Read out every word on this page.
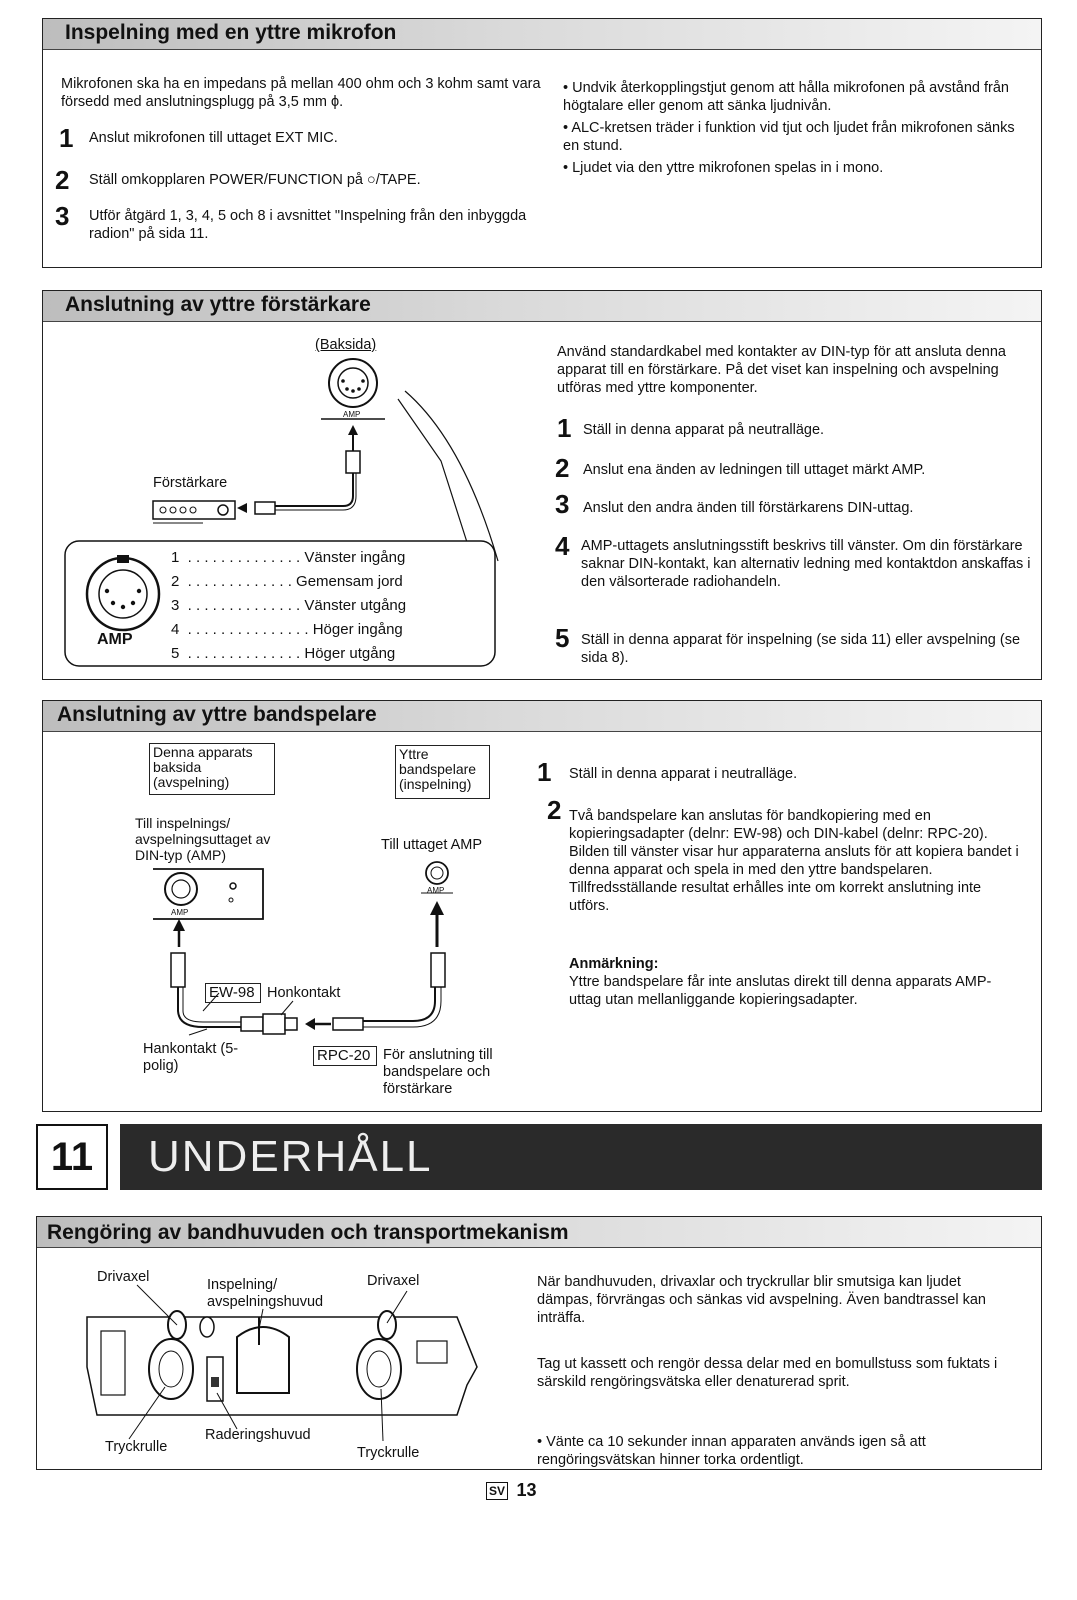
Inspelning med en yttre mikrofon
Mikrofonen ska ha en impedans på mellan 400 ohm och 3 kohm samt vara försedd med anslutningsplugg på 3,5 mm ϕ.
1 Anslut mikrofonen till uttaget EXT MIC.
2 Ställ omkopplaren POWER/FUNCTION på ○/TAPE.
3 Utför åtgärd 1, 3, 4, 5 och 8 i avsnittet "Inspelning från den inbyggda radion" på sida 11.
• Undvik återkopplingstjut genom att hålla mikrofonen på avstånd från högtalare eller genom att sänka ljudnivån.
• ALC-kretsen träder i funktion vid tjut och ljudet från mikrofonen sänks en stund.
• Ljudet via den yttre mikrofonen spelas in i mono.
Anslutning av yttre förstärkare
(Baksida)
AMP
Förstärkare
AMP
1  . . . . . . . . . . . . . . Vänster ingång
2  . . . . . . . . . . . . . Gemensam jord
3  . . . . . . . . . . . . . . Vänster utgång
4  . . . . . . . . . . . . . . . Höger ingång
5  . . . . . . . . . . . . . . Höger utgång
Använd standardkabel med kontakter av DIN-typ för att ansluta denna apparat till en förstärkare. På det viset kan inspelning och avspelning utföras med yttre komponenter.
1 Ställ in denna apparat på neutralläge.
2 Anslut ena änden av ledningen till uttaget märkt AMP.
3 Anslut den andra änden till förstärkarens DIN-uttag.
4 AMP-uttagets anslutningsstift beskrivs till vänster. Om din förstärkare saknar DIN-kontakt, kan alternativ ledning med kontaktdon anskaffas i den välsorterade radiohandeln.
5 Ställ in denna apparat för inspelning (se sida 11) eller avspelning (se sida 8).
Anslutning av yttre bandspelare
Denna apparats baksida (avspelning)
Yttre bandspelare (inspelning)
Till inspelnings/ avspelningsuttaget av DIN-typ (AMP)
Till uttaget AMP
AMP
AMP
EW-98 Honkontakt
Hankontakt (5-polig)
RPC-20 För anslutning till bandspelare och förstärkare
1 Ställ in denna apparat i neutralläge.
2 Två bandspelare kan anslutas för bandkopiering med en kopieringsadapter (delnr: EW-98) och DIN-kabel (delnr: RPC-20). Bilden till vänster visar hur apparaterna ansluts för att kopiera bandet i denna apparat och spela in med den yttre bandspelaren. Tillfredsställande resultat erhålles inte om korrekt anslutning inte utförs.
Anmärkning:
Yttre bandspelare får inte anslutas direkt till denna apparats AMP-uttag utan mellanliggande kopieringsadapter.
11	UNDERHÅLL
Rengöring av bandhuvuden och transportmekanism
Drivaxel	Inspelning/ avspelningshuvud
Drivaxel
Tryckrulle
Raderingshuvud
Tryckrulle
När bandhuvuden, drivaxlar och tryckrullar blir smutsiga kan ljudet dämpas, förvrängas och sänkas vid avspelning. Även bandtrassel kan inträffa.
Tag ut kassett och rengör dessa delar med en bomullstuss som fuktats i särskild rengöringsvätska eller denaturerad sprit.
• Vänte ca 10 sekunder innan apparaten används igen så att rengöringsvätskan hinner torka ordentligt.
SV 13
